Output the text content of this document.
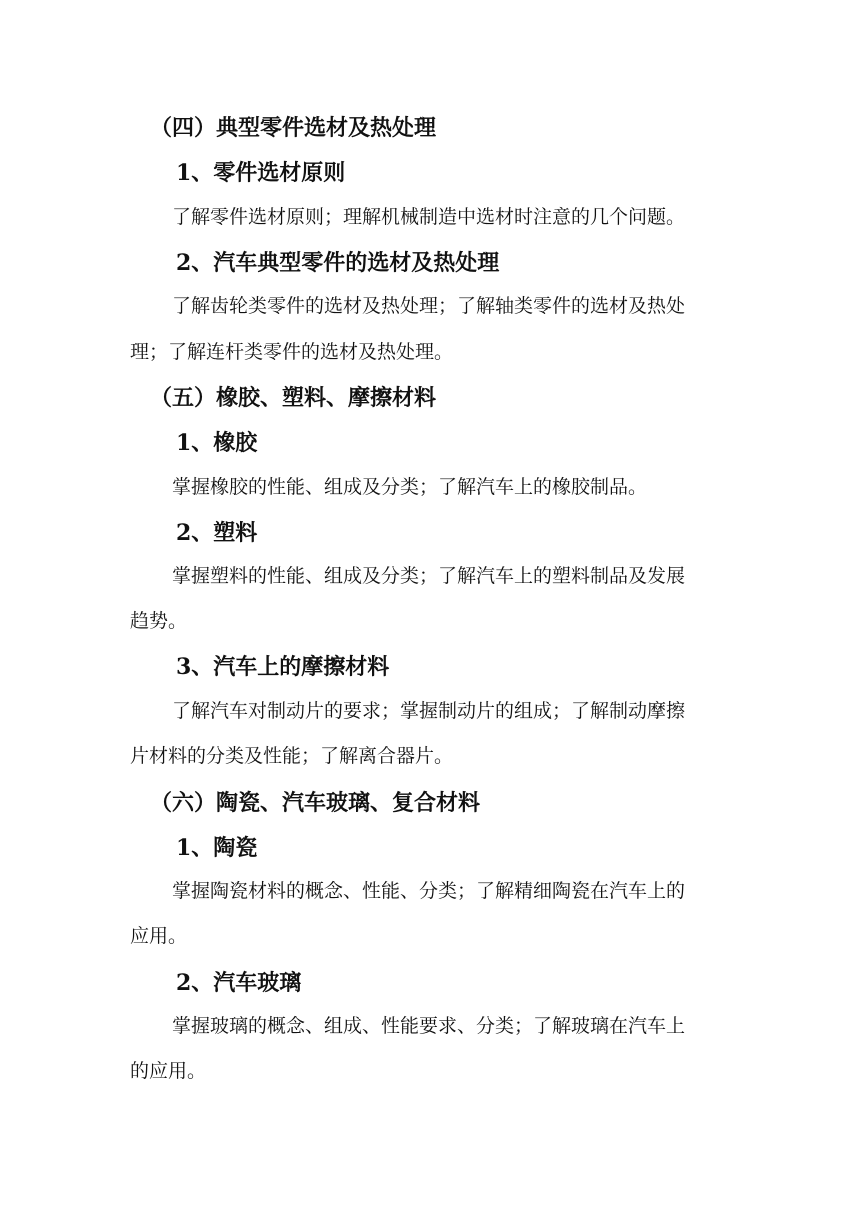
（四）典型零件选材及热处理
1、零件选材原则
了解零件选材原则；理解机械制造中选材时注意的几个问题。
2、汽车典型零件的选材及热处理
了解齿轮类零件的选材及热处理；了解轴类零件的选材及热处
理；了解连杆类零件的选材及热处理。
（五）橡胶、塑料、摩擦材料
1、橡胶
掌握橡胶的性能、组成及分类；了解汽车上的橡胶制品。
2、塑料
掌握塑料的性能、组成及分类；了解汽车上的塑料制品及发展
趋势。
3、汽车上的摩擦材料
了解汽车对制动片的要求；掌握制动片的组成；了解制动摩擦
片材料的分类及性能；了解离合器片。
（六）陶瓷、汽车玻璃、复合材料
1、陶瓷
掌握陶瓷材料的概念、性能、分类；了解精细陶瓷在汽车上的
应用。
2、汽车玻璃
掌握玻璃的概念、组成、性能要求、分类；了解玻璃在汽车上
的应用。
